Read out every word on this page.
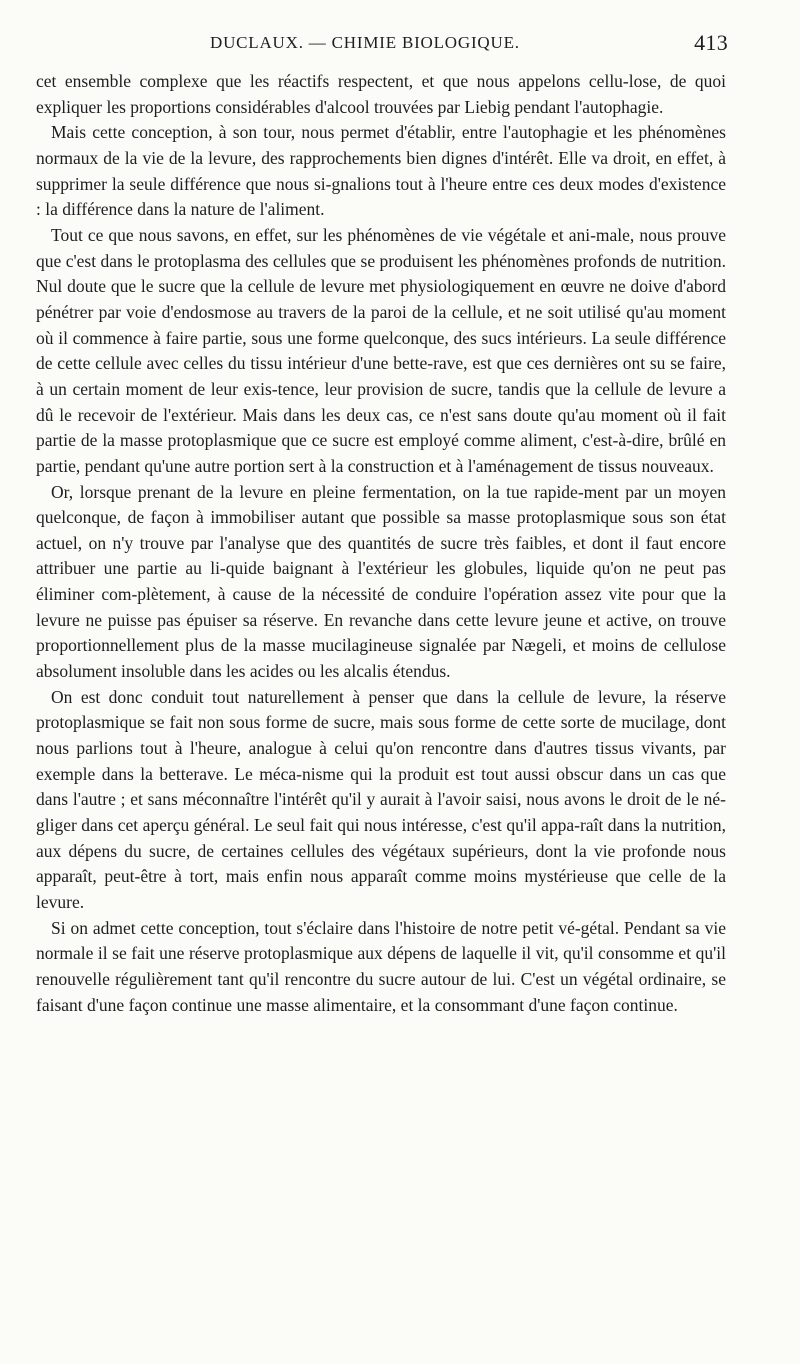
DUCLAUX. — CHIMIE BIOLOGIQUE.	413

cet ensemble complexe que les réactifs respectent, et que nous appelons cellu-lose, de quoi expliquer les proportions considérables d'alcool trouvées par Liebig pendant l'autophagie.

Mais cette conception, à son tour, nous permet d'établir, entre l'autophagie et les phénomènes normaux de la vie de la levure, des rapprochements bien dignes d'intérêt. Elle va droit, en effet, à supprimer la seule différence que nous si-gnalions tout à l'heure entre ces deux modes d'existence : la différence dans la nature de l'aliment.

Tout ce que nous savons, en effet, sur les phénomènes de vie végétale et ani-male, nous prouve que c'est dans le protoplasma des cellules que se produisent les phénomènes profonds de nutrition. Nul doute que le sucre que la cellule de levure met physiologiquement en œuvre ne doive d'abord pénétrer par voie d'endosmose au travers de la paroi de la cellule, et ne soit utilisé qu'au moment où il commence à faire partie, sous une forme quelconque, des sucs intérieurs. La seule différence de cette cellule avec celles du tissu intérieur d'une bette-rave, est que ces dernières ont su se faire, à un certain moment de leur exis-tence, leur provision de sucre, tandis que la cellule de levure a dû le recevoir de l'extérieur. Mais dans les deux cas, ce n'est sans doute qu'au moment où il fait partie de la masse protoplasmique que ce sucre est employé comme aliment, c'est-à-dire, brûlé en partie, pendant qu'une autre portion sert à la construction et à l'aménagement de tissus nouveaux.

Or, lorsque prenant de la levure en pleine fermentation, on la tue rapide-ment par un moyen quelconque, de façon à immobiliser autant que possible sa masse protoplasmique sous son état actuel, on n'y trouve par l'analyse que des quantités de sucre très faibles, et dont il faut encore attribuer une partie au li-quide baignant à l'extérieur les globules, liquide qu'on ne peut pas éliminer com-plètement, à cause de la nécessité de conduire l'opération assez vite pour que la levure ne puisse pas épuiser sa réserve. En revanche dans cette levure jeune et active, on trouve proportionnellement plus de la masse mucilagineuse signalée par Nægeli, et moins de cellulose absolument insoluble dans les acides ou les alcalis étendus.

On est donc conduit tout naturellement à penser que dans la cellule de levure, la réserve protoplasmique se fait non sous forme de sucre, mais sous forme de cette sorte de mucilage, dont nous parlions tout à l'heure, analogue à celui qu'on rencontre dans d'autres tissus vivants, par exemple dans la betterave. Le méca-nisme qui la produit est tout aussi obscur dans un cas que dans l'autre ; et sans méconnaître l'intérêt qu'il y aurait à l'avoir saisi, nous avons le droit de le né-gliger dans cet aperçu général. Le seul fait qui nous intéresse, c'est qu'il appa-raît dans la nutrition, aux dépens du sucre, de certaines cellules des végétaux supérieurs, dont la vie profonde nous apparaît, peut-être à tort, mais enfin nous apparaît comme moins mystérieuse que celle de la levure.

Si on admet cette conception, tout s'éclaire dans l'histoire de notre petit vé-gétal. Pendant sa vie normale il se fait une réserve protoplasmique aux dépens de laquelle il vit, qu'il consomme et qu'il renouvelle régulièrement tant qu'il rencontre du sucre autour de lui. C'est un végétal ordinaire, se faisant d'une façon continue une masse alimentaire, et la consommant d'une façon continue.
